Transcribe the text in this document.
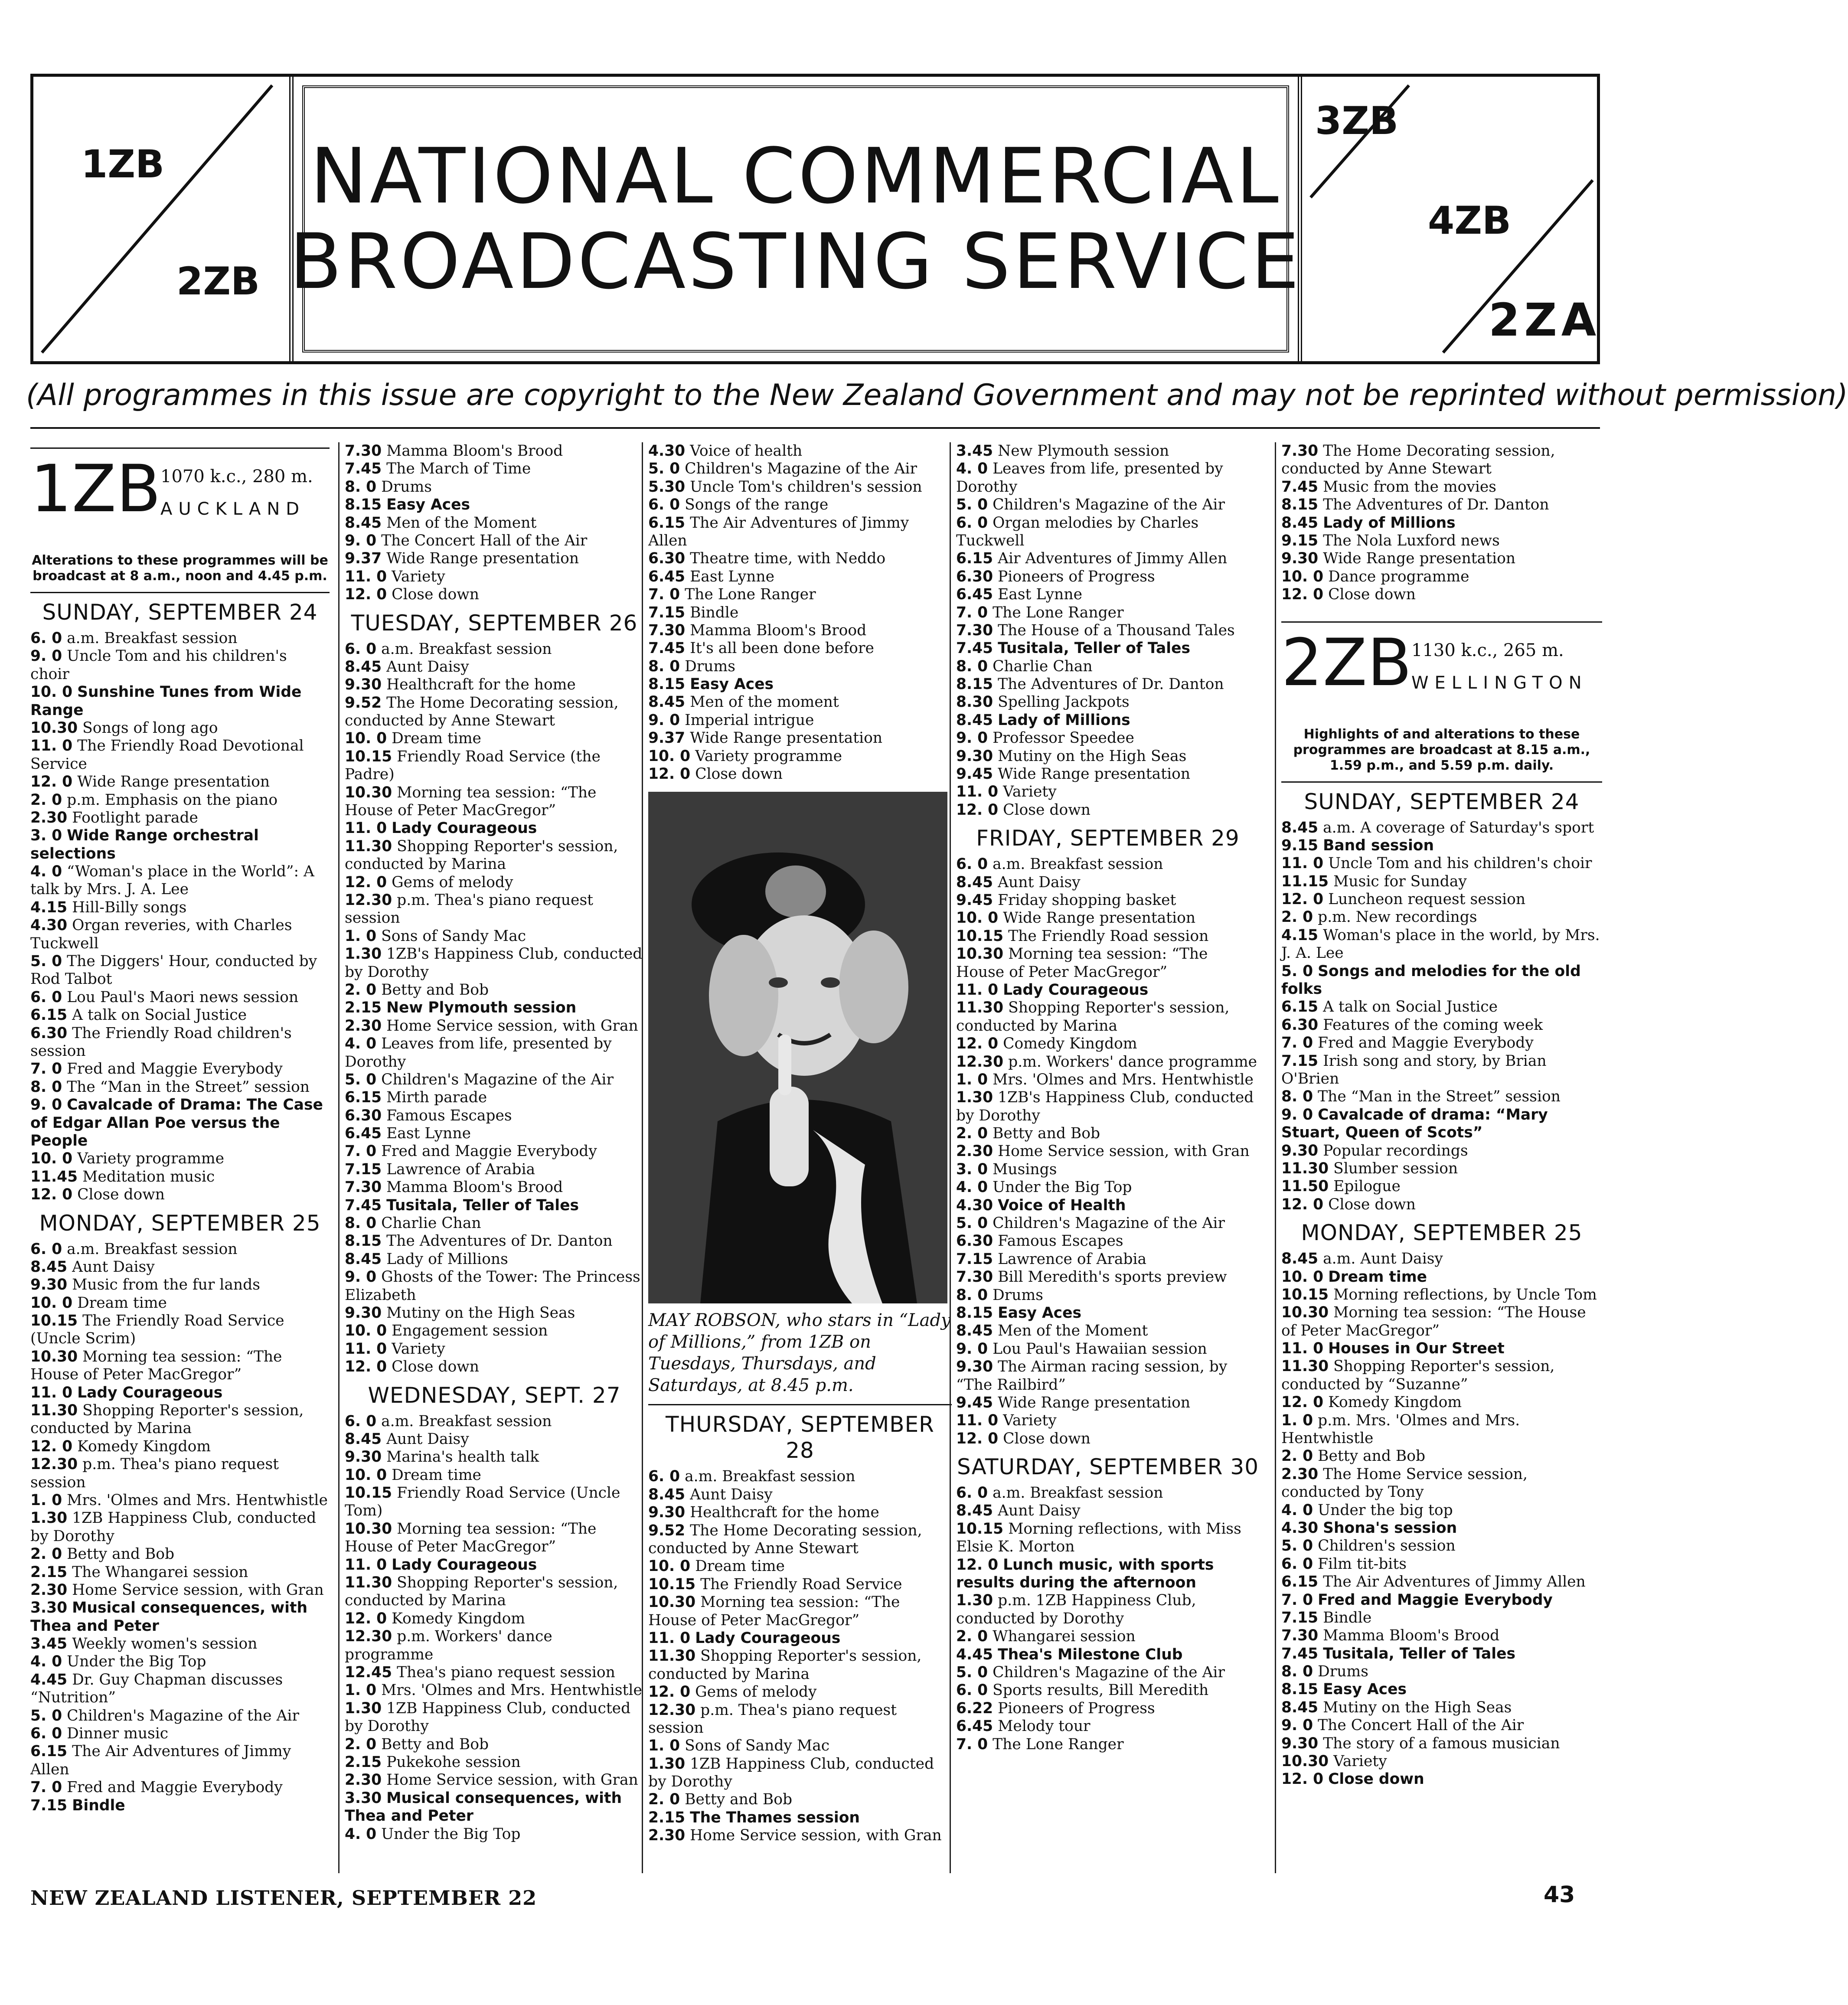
1ZB
2ZB
NATIONAL COMMERCIAL
BROADCASTING SERVICE
3ZB
4ZB
2ZA
(All programmes in this issue are copyright to the New Zealand Government and may not be reprinted without permission)
1ZB
1070 k.c., 280 m.
AUCKLAND
Alterations to these programmes will be broadcast at 8 a.m., noon and 4.45 p.m.
SUNDAY, SEPTEMBER 24

6. 0 a.m. Breakfast session

9. 0 Uncle Tom and his children's choir

10. 0 Sunshine Tunes from Wide Range

10.30 Songs of long ago

11. 0 The Friendly Road Devotional Service

12. 0 Wide Range presentation

2. 0 p.m. Emphasis on the piano

2.30 Footlight parade

3. 0 Wide Range orchestral selections

4. 0 “Woman's place in the World”: A talk by Mrs. J. A. Lee

4.15 Hill-Billy songs

4.30 Organ reveries, with Charles Tuckwell

5. 0 The Diggers' Hour, conducted by Rod Talbot

6. 0 Lou Paul's Maori news session

6.15 A talk on Social Justice

6.30 The Friendly Road children's session

7. 0 Fred and Maggie Everybody

8. 0 The “Man in the Street” session

9. 0 Cavalcade of Drama: The Case of Edgar Allan Poe versus the People

10. 0 Variety programme

11.45 Meditation music

12. 0 Close down

MONDAY, SEPTEMBER 25

6. 0 a.m. Breakfast session

8.45 Aunt Daisy

9.30 Music from the fur lands

10. 0 Dream time

10.15 The Friendly Road Service (Uncle Scrim)

10.30 Morning tea session: “The House of Peter MacGregor”

11. 0 Lady Courageous

11.30 Shopping Reporter's session, conducted by Marina

12. 0 Komedy Kingdom

12.30 p.m. Thea's piano request session

1. 0 Mrs. 'Olmes and Mrs. Hentwhistle

1.30 1ZB Happiness Club, conducted by Dorothy

2. 0 Betty and Bob

2.15 The Whangarei session

2.30 Home Service session, with Gran

3.30 Musical consequences, with Thea and Peter

3.45 Weekly women's session

4. 0 Under the Big Top

4.45 Dr. Guy Chapman discusses “Nutrition”

5. 0 Children's Magazine of the Air

6. 0 Dinner music

6.15 The Air Adventures of Jimmy Allen

7. 0 Fred and Maggie Everybody

7.15 Bindle

7.30 Mamma Bloom's Brood

7.45 The March of Time

8. 0 Drums

8.15 Easy Aces

8.45 Men of the Moment

9. 0 The Concert Hall of the Air

9.37 Wide Range presentation

11. 0 Variety

12. 0 Close down

TUESDAY, SEPTEMBER 26

6. 0 a.m. Breakfast session

8.45 Aunt Daisy

9.30 Healthcraft for the home

9.52 The Home Decorating session, conducted by Anne Stewart

10. 0 Dream time

10.15 Friendly Road Service (the Padre)

10.30 Morning tea session: “The House of Peter MacGregor”

11. 0 Lady Courageous

11.30 Shopping Reporter's session, conducted by Marina

12. 0 Gems of melody

12.30 p.m. Thea's piano request session

1. 0 Sons of Sandy Mac

1.30 1ZB's Happiness Club, conducted by Dorothy

2. 0 Betty and Bob

2.15 New Plymouth session

2.30 Home Service session, with Gran

4. 0 Leaves from life, presented by Dorothy

5. 0 Children's Magazine of the Air

6.15 Mirth parade

6.30 Famous Escapes

6.45 East Lynne

7. 0 Fred and Maggie Everybody

7.15 Lawrence of Arabia

7.30 Mamma Bloom's Brood

7.45 Tusitala, Teller of Tales

8. 0 Charlie Chan

8.15 The Adventures of Dr. Danton

8.45 Lady of Millions

9. 0 Ghosts of the Tower: The Princess Elizabeth

9.30 Mutiny on the High Seas

10. 0 Engagement session

11. 0 Variety

12. 0 Close down

WEDNESDAY, SEPT. 27

6. 0 a.m. Breakfast session

8.45 Aunt Daisy

9.30 Marina's health talk

10. 0 Dream time

10.15 Friendly Road Service (Uncle Tom)

10.30 Morning tea session: “The House of Peter MacGregor”

11. 0 Lady Courageous

11.30 Shopping Reporter's session, conducted by Marina

12. 0 Komedy Kingdom

12.30 p.m. Workers' dance programme

12.45 Thea's piano request session

1. 0 Mrs. 'Olmes and Mrs. Hentwhistle

1.30 1ZB Happiness Club, conducted by Dorothy

2. 0 Betty and Bob

2.15 Pukekohe session

2.30 Home Service session, with Gran

3.30 Musical consequences, with Thea and Peter

4. 0 Under the Big Top

4.30 Voice of health

5. 0 Children's Magazine of the Air

5.30 Uncle Tom's children's session

6. 0 Songs of the range

6.15 The Air Adventures of Jimmy Allen

6.30 Theatre time, with Neddo

6.45 East Lynne

7. 0 The Lone Ranger

7.15 Bindle

7.30 Mamma Bloom's Brood

7.45 It's all been done before

8. 0 Drums

8.15 Easy Aces

8.45 Men of the moment

9. 0 Imperial intrigue

9.37 Wide Range presentation

10. 0 Variety programme

12. 0 Close down

MAY ROBSON, who stars in “Lady of Millions,” from 1ZB on Tuesdays, Thursdays, and Saturdays, at 8.45 p.m.
THURSDAY, SEPTEMBER 28

6. 0 a.m. Breakfast session

8.45 Aunt Daisy

9.30 Healthcraft for the home

9.52 The Home Decorating session, conducted by Anne Stewart

10. 0 Dream time

10.15 The Friendly Road Service

10.30 Morning tea session: “The House of Peter MacGregor”

11. 0 Lady Courageous

11.30 Shopping Reporter's session, conducted by Marina

12. 0 Gems of melody

12.30 p.m. Thea's piano request session

1. 0 Sons of Sandy Mac

1.30 1ZB Happiness Club, conducted by Dorothy

2. 0 Betty and Bob

2.15 The Thames session

2.30 Home Service session, with Gran

3.45 New Plymouth session

4. 0 Leaves from life, presented by Dorothy

5. 0 Children's Magazine of the Air

6. 0 Organ melodies by Charles Tuckwell

6.15 Air Adventures of Jimmy Allen

6.30 Pioneers of Progress

6.45 East Lynne

7. 0 The Lone Ranger

7.30 The House of a Thousand Tales

7.45 Tusitala, Teller of Tales

8. 0 Charlie Chan

8.15 The Adventures of Dr. Danton

8.30 Spelling Jackpots

8.45 Lady of Millions

9. 0 Professor Speedee

9.30 Mutiny on the High Seas

9.45 Wide Range presentation

11. 0 Variety

12. 0 Close down

FRIDAY, SEPTEMBER 29

6. 0 a.m. Breakfast session

8.45 Aunt Daisy

9.45 Friday shopping basket

10. 0 Wide Range presentation

10.15 The Friendly Road session

10.30 Morning tea session: “The House of Peter MacGregor”

11. 0 Lady Courageous

11.30 Shopping Reporter's session, conducted by Marina

12. 0 Comedy Kingdom

12.30 p.m. Workers' dance programme

1. 0 Mrs. 'Olmes and Mrs. Hentwhistle

1.30 1ZB's Happiness Club, conducted by Dorothy

2. 0 Betty and Bob

2.30 Home Service session, with Gran

3. 0 Musings

4. 0 Under the Big Top

4.30 Voice of Health

5. 0 Children's Magazine of the Air

6.30 Famous Escapes

7.15 Lawrence of Arabia

7.30 Bill Meredith's sports preview

8. 0 Drums

8.15 Easy Aces

8.45 Men of the Moment

9. 0 Lou Paul's Hawaiian session

9.30 The Airman racing session, by “The Railbird”

9.45 Wide Range presentation

11. 0 Variety

12. 0 Close down

SATURDAY, SEPTEMBER 30

6. 0 a.m. Breakfast session

8.45 Aunt Daisy

10.15 Morning reflections, with Miss Elsie K. Morton

12. 0 Lunch music, with sports results during the afternoon

1.30 p.m. 1ZB Happiness Club, conducted by Dorothy

2. 0 Whangarei session

4.45 Thea's Milestone Club

5. 0 Children's Magazine of the Air

6. 0 Sports results, Bill Meredith

6.22 Pioneers of Progress

6.45 Melody tour

7. 0 The Lone Ranger

7.30 The Home Decorating session, conducted by Anne Stewart

7.45 Music from the movies

8.15 The Adventures of Dr. Danton

8.45 Lady of Millions

9.15 The Nola Luxford news

9.30 Wide Range presentation

10. 0 Dance programme

12. 0 Close down

2ZB
1130 k.c., 265 m.
WELLINGTON
Highlights of and alterations to these programmes are broadcast at 8.15 a.m., 1.59 p.m., and 5.59 p.m. daily.
SUNDAY, SEPTEMBER 24

8.45 a.m. A coverage of Saturday's sport

9.15 Band session

11. 0 Uncle Tom and his children's choir

11.15 Music for Sunday

12. 0 Luncheon request session

2. 0 p.m. New recordings

4.15 Woman's place in the world, by Mrs. J. A. Lee

5. 0 Songs and melodies for the old folks

6.15 A talk on Social Justice

6.30 Features of the coming week

7. 0 Fred and Maggie Everybody

7.15 Irish song and story, by Brian O'Brien

8. 0 The “Man in the Street” session

9. 0 Cavalcade of drama: “Mary Stuart, Queen of Scots”

9.30 Popular recordings

11.30 Slumber session

11.50 Epilogue

12. 0 Close down

MONDAY, SEPTEMBER 25

8.45 a.m. Aunt Daisy

10. 0 Dream time

10.15 Morning reflections, by Uncle Tom

10.30 Morning tea session: “The House of Peter MacGregor”

11. 0 Houses in Our Street

11.30 Shopping Reporter's session, conducted by “Suzanne”

12. 0 Komedy Kingdom

1. 0 p.m. Mrs. 'Olmes and Mrs. Hentwhistle

2. 0 Betty and Bob

2.30 The Home Service session, conducted by Tony

4. 0 Under the big top

4.30 Shona's session

5. 0 Children's session

6. 0 Film tit-bits

6.15 The Air Adventures of Jimmy Allen

7. 0 Fred and Maggie Everybody

7.15 Bindle

7.30 Mamma Bloom's Brood

7.45 Tusitala, Teller of Tales

8. 0 Drums

8.15 Easy Aces

8.45 Mutiny on the High Seas

9. 0 The Concert Hall of the Air

9.30 The story of a famous musician

10.30 Variety

12. 0 Close down

NEW ZEALAND LISTENER, SEPTEMBER 22	43
